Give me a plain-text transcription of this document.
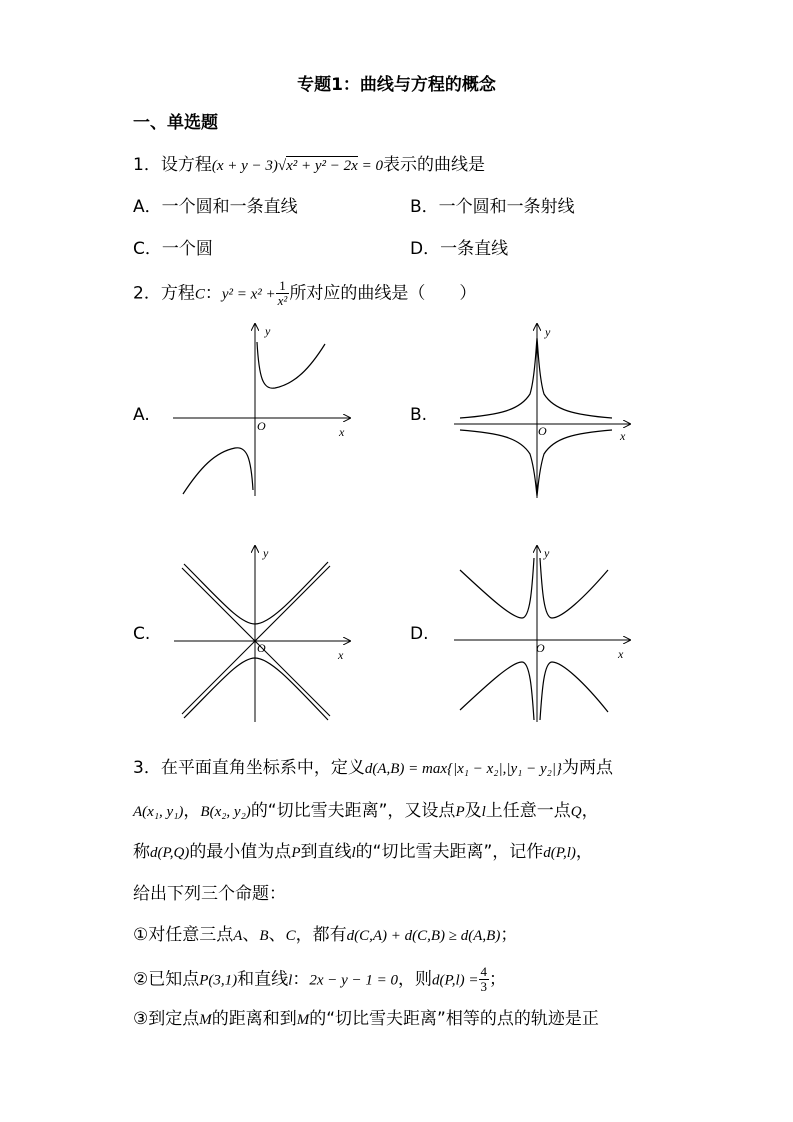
专题1：曲线与方程的概念
一、单选题
1．设方程(x + y − 3)√x² + y² − 2x = 0表示的曲线是
A．一个圆和一条直线	B．一个圆和一条射线
C．一个圆	D．一条直线
2．方程C：$y^2 = x^2 + \frac{1}{\text{x²}}$ 所对应的曲线是（　　）
A.	B.
C.	D.
y
x
O
y
x
O
y
x
O
y
x
O
3．在平面直角坐标系中，定义d(A,B) = max{|x₁ − x₂|,|y₁ − y₂|}为两点
A(x₁, y₁)，B(x₂, y₂)的“切比雪夫距离”，又设点P及l上任意一点Q，
称d(P,Q)的最小值为点P到直线l的“切比雪夫距离”，记作d(P,l)，
给出下列三个命题：
①对任意三点A、B、C，都有d(C,A) + d(C,B) ≥ d(A,B)；
②已知点P(3,1)和直线l：2x − y − 1 = 0，则$d(P,l) = \frac{4}{3}$ ；
③到定点M的距离和到M的“切比雪夫距离”相等的点的轨迹是正
